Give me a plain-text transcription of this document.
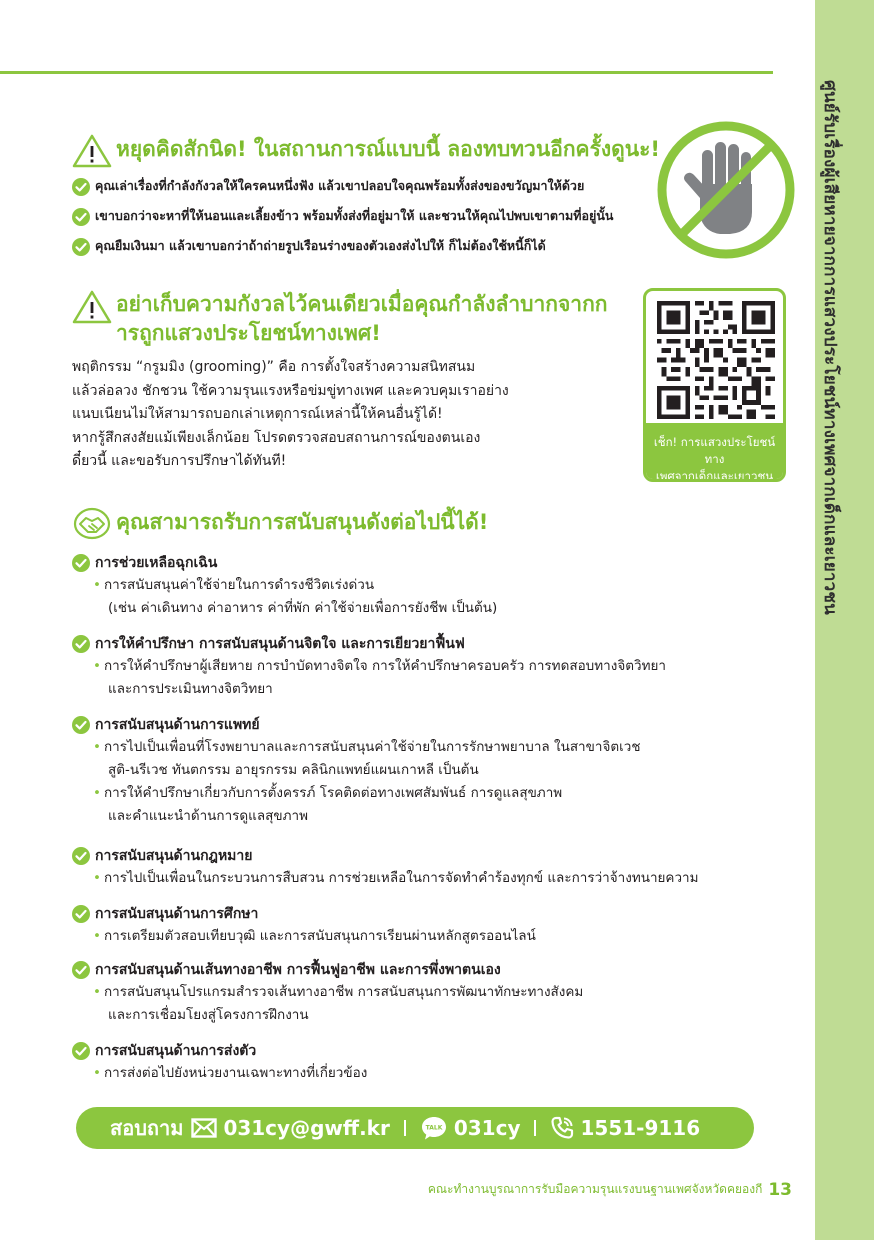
ศูนย์รับเรื่องผู้เสียหายจากการแสวงประโยชน์ทางเพศจากเด็กและเยาวชน
หยุดคิดสักนิด! ในสถานการณ์แบบนี้ ลองทบทวนอีกครั้งดูนะ!
คุณเล่าเรื่องที่กำลังกังวลให้ใครคนหนึ่งฟัง แล้วเขาปลอบใจคุณพร้อมทั้งส่งของขวัญมาให้ด้วย
เขาบอกว่าจะหาที่ให้นอนและเลี้ยงข้าว พร้อมทั้งส่งที่อยู่มาให้ และชวนให้คุณไปพบเขาตามที่อยู่นั้น
คุณยืมเงินมา แล้วเขาบอกว่าถ้าถ่ายรูปเรือนร่างของตัวเองส่งไปให้ ก็ไม่ต้องใช้หนี้ก็ได้
อย่าเก็บความกังวลไว้คนเดียวเมื่อคุณกำลังลำบากจากก
ารถูกแสวงประโยชน์ทางเพศ!
พฤติกรรม “กรูมมิง (grooming)” คือ การตั้งใจสร้างความสนิทสนม
แล้วล่อลวง ชักชวน ใช้ความรุนแรงหรือข่มขู่ทางเพศ และควบคุมเราอย่าง
แนบเนียนไม่ให้สามารถบอกเล่าเหตุการณ์เหล่านี้ให้คนอื่นรู้ได้!
หากรู้สึกสงสัยแม้เพียงเล็กน้อย โปรดตรวจสอบสถานการณ์ของตนเอง
ดี๋ยวนี้ และขอรับการปรึกษาได้ทันที!
เช็ก! การแสวงประโยชน์ทาง
เพศจากเด็กและเยาวชน
คุณสามารถรับการสนับสนุนดังต่อไปนี้ได้!
การช่วยเหลือฉุกเฉิน
• การสนับสนุนค่าใช้จ่ายในการดำรงชีวิตเร่งด่วน
(เช่น ค่าเดินทาง ค่าอาหาร ค่าที่พัก ค่าใช้จ่ายเพื่อการยังชีพ เป็นต้น)
การให้คำปรึกษา การสนับสนุนด้านจิตใจ และการเยียวยาฟื้นฟ
• การให้คำปรึกษาผู้เสียหาย การบำบัดทางจิตใจ การให้คำปรึกษาครอบครัว การทดสอบทางจิตวิทยา
และการประเมินทางจิตวิทยา
การสนับสนุนด้านการแพทย์
• การไปเป็นเพื่อนที่โรงพยาบาลและการสนับสนุนค่าใช้จ่ายในการรักษาพยาบาล ในสาขาจิตเวช
สูติ-นรีเวช ทันตกรรม อายุรกรรม คลินิกแพทย์แผนเกาหลี เป็นต้น
• การให้คำปรึกษาเกี่ยวกับการตั้งครรภ์ โรคติดต่อทางเพศสัมพันธ์ การดูแลสุขภาพ
และคำแนะนำด้านการดูแลสุขภาพ
การสนับสนุนด้านกฎหมาย
• การไปเป็นเพื่อนในกระบวนการสืบสวน การช่วยเหลือในการจัดทำคำร้องทุกข์ และการว่าจ้างทนายความ
การสนับสนุนด้านการศึกษา
• การเตรียมตัวสอบเทียบวุฒิ และการสนับสนุนการเรียนผ่านหลักสูตรออนไลน์
การสนับสนุนด้านเส้นทางอาชีพ การฟื้นฟูอาชีพ และการพึ่งพาตนเอง
• การสนับสนุนโปรแกรมสำรวจเส้นทางอาชีพ การสนับสนุนการพัฒนาทักษะทางสังคม
และการเชื่อมโยงสู่โครงการฝึกงาน
การสนับสนุนด้านการส่งตัว
• การส่งต่อไปยังหน่วยงานเฉพาะทางที่เกี่ยวข้อง
สอบถาม 031cy@gwff.kr	TALK 031cy	1551-9116
คณะทำงานบูรณาการรับมือความรุนแรงบนฐานเพศจังหวัดคยองกี 13
